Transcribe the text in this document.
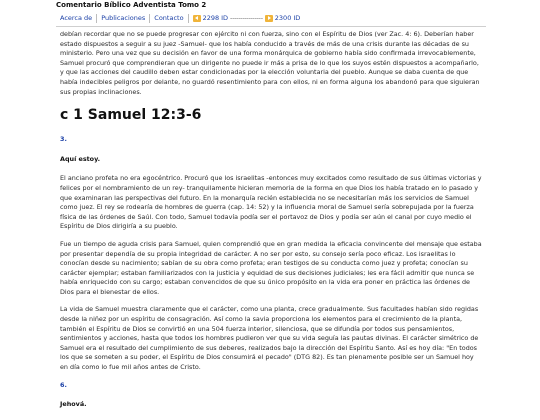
Comentario Bíblico Adventista Tomo 2
Acerca de	Publicaciones	Contacto	2298 ID ----------------	2300 ID

debían recordar que no se puede progresar con ejército ni con fuerza, sino con el Espíritu de Dios (ver Zac. 4: 6). Deberían haber estado dispuestos a seguir a su juez -Samuel- que los había conducido a través de más de una crisis durante las décadas de su ministerio. Pero una vez que su decisión en favor de una forma monárquica de gobierno había sido confirmada irrevocablemente, Samuel procuró que comprendieran que un dirigente no puede ir más a prisa de lo que los suyos estén dispuestos a acompañarlo, y que las acciones del caudillo deben estar condicionadas por la elección voluntaria del pueblo. Aunque se daba cuenta de que había indecibles peligros por delante, no guardó resentimiento para con ellos, ni en forma alguna los abandonó para que siguieran sus propias inclinaciones.

c 1 Samuel 12:3-6
3.
Aquí estoy.

El anciano profeta no era egocéntrico. Procuró que los israelitas -entonces muy excitados como resultado de sus últimas victorias y felices por el nombramiento de un rey- tranquilamente hicieran memoria de la forma en que Dios los había tratado en lo pasado y que examinaran las perspectivas del futuro. En la monarquía recién establecida no se necesitarían más los servicios de Samuel como juez. El rey se rodearía de hombres de guerra (cap. 14: 52) y la influencia moral de Samuel sería sobrepujada por la fuerza física de las órdenes de Saúl. Con todo, Samuel todavía podía ser el portavoz de Dios y podía ser aún el canal por cuyo medio el Espíritu de Dios dirigiría a su pueblo.

Fue un tiempo de aguda crisis para Samuel, quien comprendió que en gran medida la eficacia convincente del mensaje que estaba por presentar dependía de su propia integridad de carácter. A no ser por esto, su consejo sería poco eficaz. Los israelitas lo conocían desde su nacimiento; sabían de su obra como profeta; eran testigos de su conducta como juez y profeta; conocían su carácter ejemplar; estaban familiarizados con la justicia y equidad de sus decisiones judiciales; les era fácil admitir que nunca se había enriquecido con su cargo; estaban convencidos de que su único propósito en la vida era poner en práctica las órdenes de Dios para el bienestar de ellos.

La vida de Samuel muestra claramente que el carácter, como una planta, crece gradualmente. Sus facultades habían sido regidas desde la niñez por un espíritu de consagración. Así como la savia proporciona los elementos para el crecimiento de la planta, también el Espíritu de Dios se convirtió en una 504 fuerza interior, silenciosa, que se difundía por todos sus pensamientos, sentimientos y acciones, hasta que todos los hombres pudieron ver que su vida seguía las pautas divinas. El carácter simétrico de Samuel era el resultado del cumplimiento de sus deberes, realizados bajo la dirección del Espíritu Santo. Así es hoy día: "En todos los que se someten a su poder, el Espíritu de Dios consumirá el pecado" (DTG 82). Es tan plenamente posible ser un Samuel hoy en día como lo fue mil años antes de Cristo.

6.
Jehová.
